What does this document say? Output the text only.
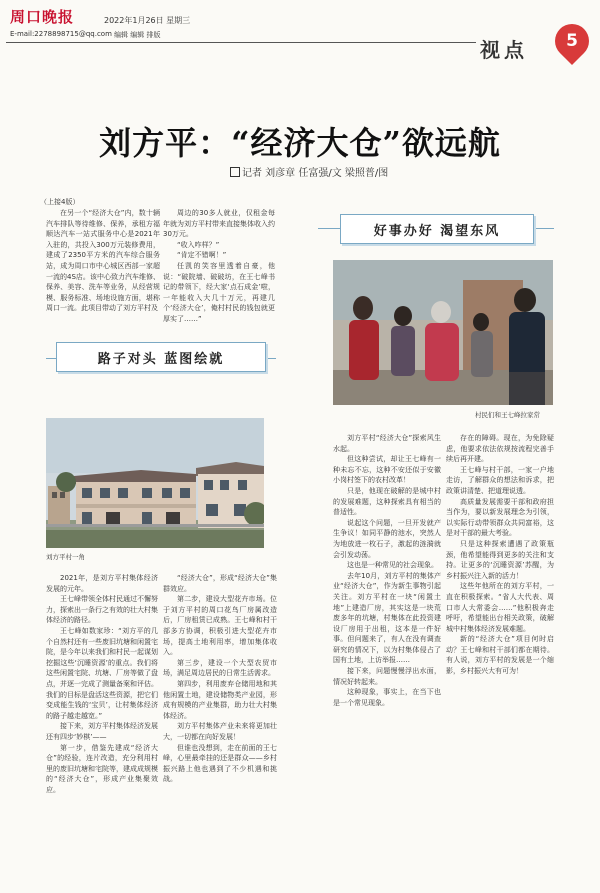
周口晚报	2022年1月26日 星期三
E-mail:2278898715@qq.com 编辑 编辑 排版
视点	5
刘方平：“经济大仓”欲远航
记者 刘彦章 任富强/文 梁照普/图
（上接4版）

在另一个“经济大仓”内，数十辆汽车排队等待维修、保养，承租方福顺达汽车一站式服务中心是2021年入驻的，共投入300万元装修费用，建成了2350平方米的汽车综合服务站，成为周口市中心城区西部一家超一流的4S店。该中心致力汽车维修、保养、美容、洗车等业务，从经营规模、服务标准、场地设施方面，堪称周口一流。此项目带动了刘方平村及

周边的30多人就业，仅租金每年就为刘方平村带来直接集体收入约30万元。

“收入咋样？”

“肯定不错啊！”

任凯的笑容里透着自豪，他说：“破院墙、破破坊，在王七峰书记的带领下，经大家‘点石成金’啦，一年能收入大几十万元，再建几个‘经济大仓’，俺村村民的钱包就更厚实了……”

路子对头 蓝图绘就
刘方平村一角

2021年，是刘方平村集体经济发展的元年。

王七峰带领全体村民通过不懈努力，探索出一条行之有效的壮大村集体经济的路径。

王七峰如数家珍：“刘方平的几个自然村还有一些废旧坑塘和闲置宅院，是今年以来我们和村民一起谋划挖掘这些‘沉睡资源’的重点。我们将这些闲置宅院、坑塘、厂房等做了盘点，并逐一完成了测量备案和评估。我们的目标是盘活这些资源，把它们变成能生钱的‘宝贝’，让村集体经济的路子越走越宽。”

接下来，刘方平村集体经济发展还有四步‘妙棋’——

第一步，借鉴先建成“经济大仓”的经验，连片改造，充分利用村里的废旧坑塘和宅院等，建成成规模的“经济大仓”，形成产业集聚效应。

“经济大仓”，形成“经济大仓”集群效应。

第二步，建设大型花卉市场。位于刘方平村的周口花鸟厂房属改造后，厂房租赁已成熟。王七峰和村干部多方协调，积极引进大型花卉市场，提高土地利用率，增加集体收入。

第三步，建设一个大型农贸市场，满足周边居民的日常生活需求。

第四步，利用废弃仓储用地和其他闲置土地，建设储物类产业园，形成有规模的产业集群，助力壮大村集体经济。

刘方平村集体产业未来将更加壮大，一切都在向好发展！

但谁也没想到，走在前面的王七峰，心里最牵挂的还是群众——乡村振兴路上他也遇到了不少机遇和挑战。

好事办好 渴望东风
村民们和王七峰拉家常

刘方平村“经济大仓”探索风生水起。

但这种尝试，却让王七峰有一种未忘不忘，这种不安还似于安徽小岗村签下的农村改革！

只是，他现在破解的是城中村的发展难题，这种探索具有相当的普适性。

说起这个问题，一旦开发就产生争议！如同平静的池水，突然人为地放进一枚石子，激起的涟漪就会引发动荡。

这也是一种常见的社会现象。

去年10月，刘方平村的集体产业“经济大仓”，作为新生事物引起关注。刘方平村在一块“闲置土地”上建造厂房，其实这是一块荒废多年的坑塘，村集体在此投资建设厂房用于出租，这本是一件好事。但问题来了，有人在没有调查研究的情况下，以为村集体侵占了国有土地，上访举报……

接下来，问题慢慢浮出水面，情况好转起来。

这种现象，事实上，在当下也是一个常见现象。

存在的障碍。现在，为免除疑虑，他要求依法依规按流程完善手续后再开建。

王七峰与村干部，一家一户地走访，了解群众的想法和诉求，把政策讲清楚、把道理说透。

高质量发展需要干部和政府担当作为，要以新发展理念为引领，以实际行动带领群众共同富裕，这是对干部的最大考验。

只是这种探索遭遇了政策瓶颈，他希望能得到更多的关注和支持。让更多的‘沉睡资源’苏醒，为乡村振兴注入新的活力！

这些年他所在的刘方平村，一直在积极探索。“省人大代表、周口市人大常委会……”他积极奔走呼吁，希望能出台相关政策，破解城中村集体经济发展难题。

新的“经济大仓”项目何时启动？王七峰和村干部们都在期待。有人说，刘方平村的发展是一个缩影，乡村振兴大有可为！
